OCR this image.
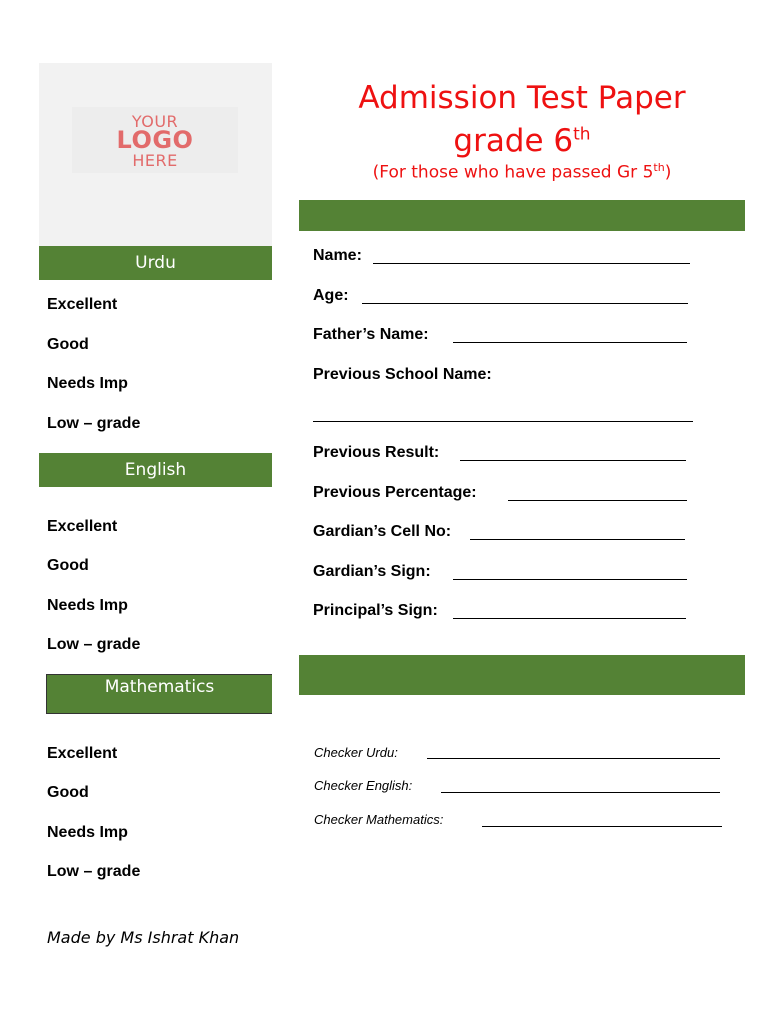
YOUR
LOGO
HERE
Admission Test Paper
grade 6th
(For those who have passed Gr 5th)
Urdu
Excellent
Good
Needs Imp
Low – grade
English
Excellent
Good
Needs Imp
Low – grade
Mathematics
Excellent
Good
Needs Imp
Low – grade
Name:
Age:
Father’s Name:
Previous School Name:
Previous Result:
Previous Percentage:
Gardian’s Cell No:
Gardian’s Sign:
Principal’s Sign:
Checker Urdu:
Checker English:
Checker Mathematics:
Made by Ms Ishrat Khan
